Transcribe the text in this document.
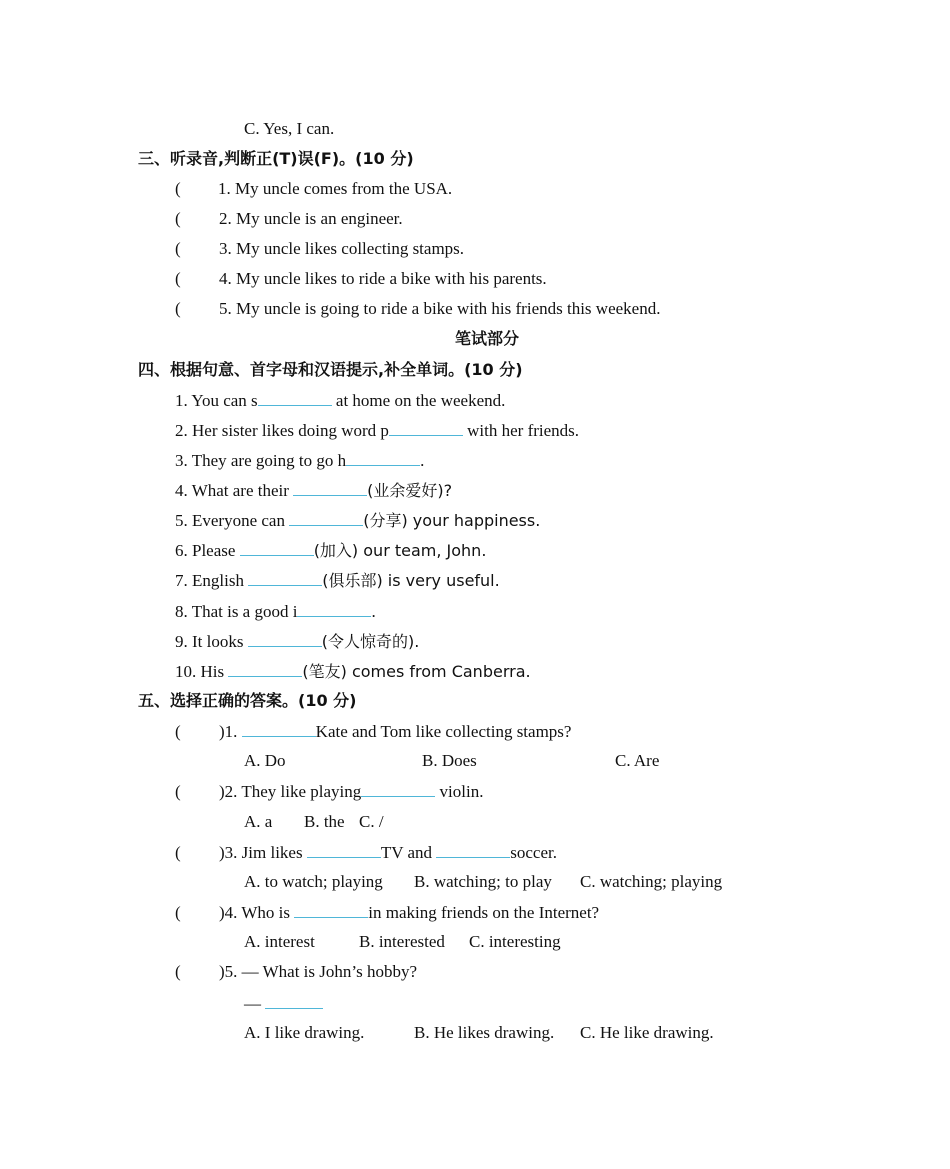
C. Yes, I can.
三、听录音,判断正(T)误(F)。(10 分)
( 1. My uncle comes from the USA.
( 2. My uncle is an engineer.
( 3. My uncle likes collecting stamps.
( 4. My uncle likes to ride a bike with his parents.
( 5. My uncle is going to ride a bike with his friends this weekend.
笔试部分
四、根据句意、首字母和汉语提示,补全单词。(10 分)
1. You can s	at home on the weekend.
2. Her sister likes doing word p	with her friends.
3. They are going to go h	.
4. What are their	(业余爱好)?
5. Everyone can	(分享) your happiness.
6. Please	(加入) our team, John.
7. English	(俱乐部) is very useful.
8. That is a good i	.
9. It looks	(令人惊奇的).
10. His	(笔友) comes from Canberra.
五、选择正确的答案。(10 分)
( )1.	Kate and Tom like collecting stamps?
A. Do	B. Does	C. Are
( )2. They like playing	violin.
A. a B. the C. /
( )3. Jim likes	TV and	soccer.
A. to watch; playing B. watching; to play C. watching; playing
( )4. Who is	in making friends on the Internet?
A. interest	B. interested C. interesting
( )5. — What is John’s hobby?
—
A. I like drawing.	B. He likes drawing. C. He like drawing.
